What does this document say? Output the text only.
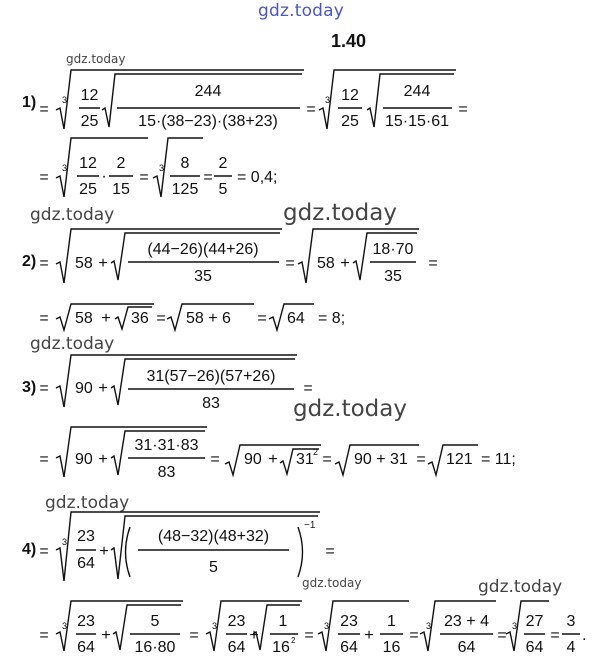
gdz.today
1.40
gdz.today
gdz.today	gdz.today
gdz.today
gdz.today
gdz.today
gdz.today	gdz.today
1)
2)
3)
4)
=
3 12
25
244
15·(38−23)·(38+23)
=
3 12
25
244
15·15·61
=
=
3 12
25
·
2
15
=
3 8
125
=
2
5
= 0,4;
= 58 +
(44−26)(44+26)
35
= 58 +
18·70
35
=
= 58 + 36 = 58 + 6 = 64 = 8;
= 90 +
31(57−26)(57+26)
83
=
= 90 +
31·31·83
83
= 90 + 31 2 = 90 + 31 = 121 = 11;
=
3 23
64
+
(48−32)(48+32)
5
−1
=
=
3 23
64
+
5
16·80
=
3 23
64
+
1
16 2 =
3 23
64
+
1
16
=
3 23 + 4
64
=
3 27
64
=
3
4
.
